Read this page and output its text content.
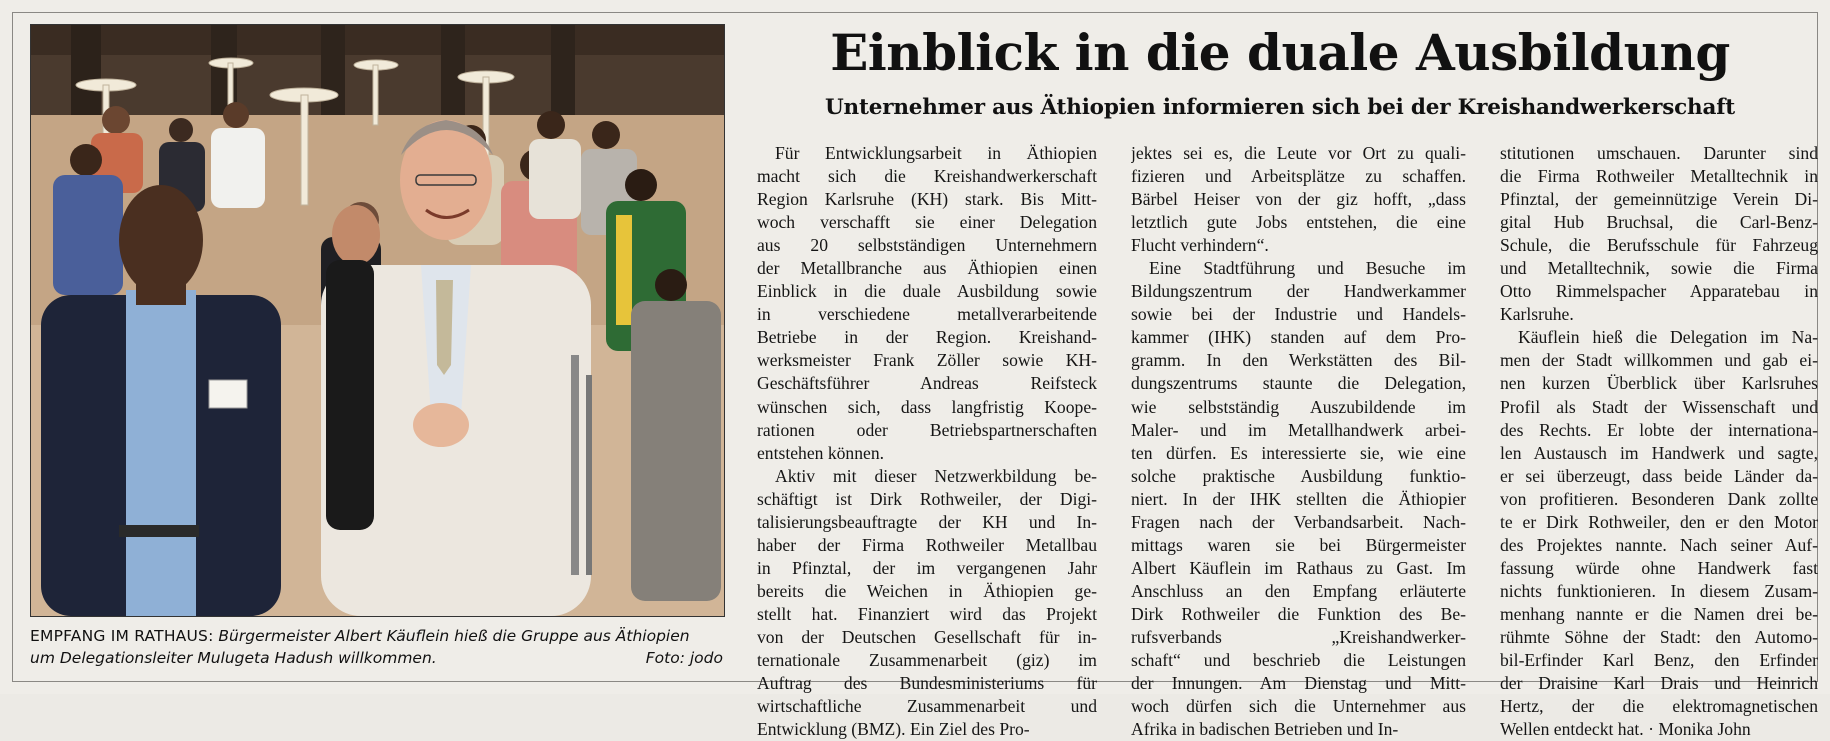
EMPFANG IM RATHAUS: Bürgermeister Albert Käuflein hieß die Gruppe aus Äthiopien
um Delegationsleiter Mulugeta Hadush willkommen.	Foto: jodo
Einblick in die duale Ausbildung
Unternehmer aus Äthiopien informieren sich bei der Kreishandwerkerschaft
Für Entwicklungsarbeit in Äthiopien
macht sich die Kreishandwerkerschaft
Region Karlsruhe (KH) stark. Bis Mitt-
woch verschafft sie einer Delegation
aus 20 selbstständigen Unternehmern
der Metallbranche aus Äthiopien einen
Einblick in die duale Ausbildung sowie
in verschiedene metallverarbeitende
Betriebe in der Region. Kreishand-
werksmeister Frank Zöller sowie KH-
Geschäftsführer Andreas Reifsteck
wünschen sich, dass langfristig Koope-
rationen oder Betriebspartnerschaften
entstehen können.
Aktiv mit dieser Netzwerkbildung be-
schäftigt ist Dirk Rothweiler, der Digi-
talisierungsbeauftragte der KH und In-
haber der Firma Rothweiler Metallbau
in Pfinztal, der im vergangenen Jahr
bereits die Weichen in Äthiopien ge-
stellt hat. Finanziert wird das Projekt
von der Deutschen Gesellschaft für in-
ternationale Zusammenarbeit (giz) im
Auftrag des Bundesministeriums für
wirtschaftliche Zusammenarbeit und
Entwicklung (BMZ). Ein Ziel des Pro-
jektes sei es, die Leute vor Ort zu quali-
fizieren und Arbeitsplätze zu schaffen.
Bärbel Heiser von der giz hofft, „dass
letztlich gute Jobs entstehen, die eine
Flucht verhindern“.
Eine Stadtführung und Besuche im
Bildungszentrum der Handwerkammer
sowie bei der Industrie und Handels-
kammer (IHK) standen auf dem Pro-
gramm. In den Werkstätten des Bil-
dungszentrums staunte die Delegation,
wie selbstständig Auszubildende im
Maler- und im Metallhandwerk arbei-
ten dürfen. Es interessierte sie, wie eine
solche praktische Ausbildung funktio-
niert. In der IHK stellten die Äthiopier
Fragen nach der Verbandsarbeit. Nach-
mittags waren sie bei Bürgermeister
Albert Käuflein im Rathaus zu Gast. Im
Anschluss an den Empfang erläuterte
Dirk Rothweiler die Funktion des Be-
rufsverbands „Kreishandwerker-
schaft“ und beschrieb die Leistungen
der Innungen. Am Dienstag und Mitt-
woch dürfen sich die Unternehmer aus
Afrika in badischen Betrieben und In-
stitutionen umschauen. Darunter sind
die Firma Rothweiler Metalltechnik in
Pfinztal, der gemeinnützige Verein Di-
gital Hub Bruchsal, die Carl-Benz-
Schule, die Berufsschule für Fahrzeug
und Metalltechnik, sowie die Firma
Otto Rimmelspacher Apparatebau in
Karlsruhe.
Käuflein hieß die Delegation im Na-
men der Stadt willkommen und gab ei-
nen kurzen Überblick über Karlsruhes
Profil als Stadt der Wissenschaft und
des Rechts. Er lobte der internationa-
len Austausch im Handwerk und sagte,
er sei überzeugt, dass beide Länder da-
von profitieren. Besonderen Dank zollte
te er Dirk Rothweiler, den er den Motor
des Projektes nannte. Nach seiner Auf-
fassung würde ohne Handwerk fast
nichts funktionieren. In diesem Zusam-
menhang nannte er die Namen drei be-
rühmte Söhne der Stadt: den Automo-
bil-Erfinder Karl Benz, den Erfinder
der Draisine Karl Drais und Heinrich
Hertz, der die elektromagnetischen
Wellen entdeckt hat. · Monika John
